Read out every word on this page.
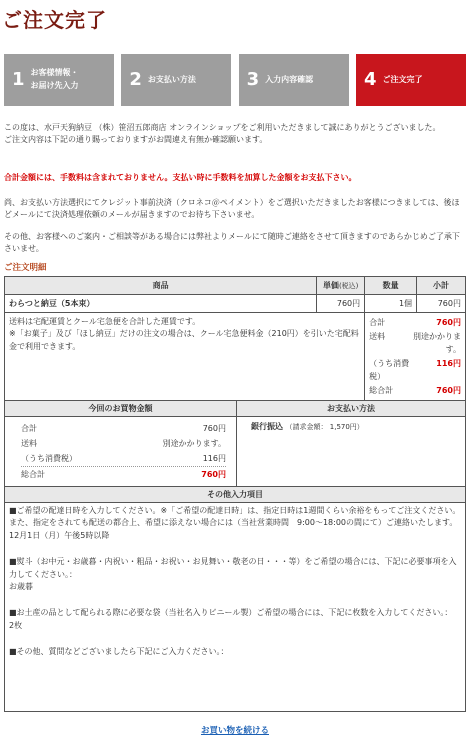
ご注文完了
1 お客様情報・
お届け先入力	2 お支払い方法	3 入力内容確認	4 ご注文完了
この度は、水戸天狗納豆 （株）笹沼五郎商店 オンラインショップをご利用いただきまして誠にありがとうございました。
ご注文内容は下記の通り賜っておりますがお間違え有無か確認願います。
合計金額には、手数料は含まれておりません。支払い時に手数料を加算した金額をお支払下さい。
尚、お支払い方法選択にてクレジット事前決済（クロネコ＠ペイメント）をご選択いただきましたお客様につきましては、後ほどメールにて決済処理依頼のメールが届きますのでお待ち下さいませ。
その他、お客様へのご案内・ご相談等がある場合には弊社よりメールにて随時ご連絡をさせて頂きますのであらかじめご了承下さいませ。
ご注文明細
商品	単価(税込)	数量	小計
わらつと納豆（5本束）	760円	1個	760円

送料は宅配運賃とクール宅急便を合計した運賃です。
※「お菓子」及び「ほし納豆」だけの注文の場合は、クール宅急便料金（210円）を引いた宅配料金で利用できます。

合計	760円
送料	別途かかります。
（うち消費税）	116円
総合計	760円
今回のお買物金額	お支払い方法
合計	760円
送料	別途かかります。
（うち消費税）	116円
総合計	760円
銀行振込 （請求金額： 1,570円）
その他入力項目

■ご希望の配達日時を入力してください。※「ご希望の配達日時」は、指定日時は1週間くらい余裕をもってご注文ください。また、指定をされても配送の都合上、希望に添えない場合には（当社営業時間　9:00～18:00の間にて）ご連絡いたします。
12月1日（月）午後5時以降

■熨斗（お中元・お歳暮・内祝い・粗品・お祝い・お見舞い・敬老の日・・・等）をご希望の場合には、下記に必要事項を入力してください。：
お歳暮

■お土産の品として配られる際に必要な袋（当社名入りビニール製）ご希望の場合には、下記に枚数を入力してください。：
2枚

■その他、質問などございましたら下記にご入力ください。：

お買い物を続ける
